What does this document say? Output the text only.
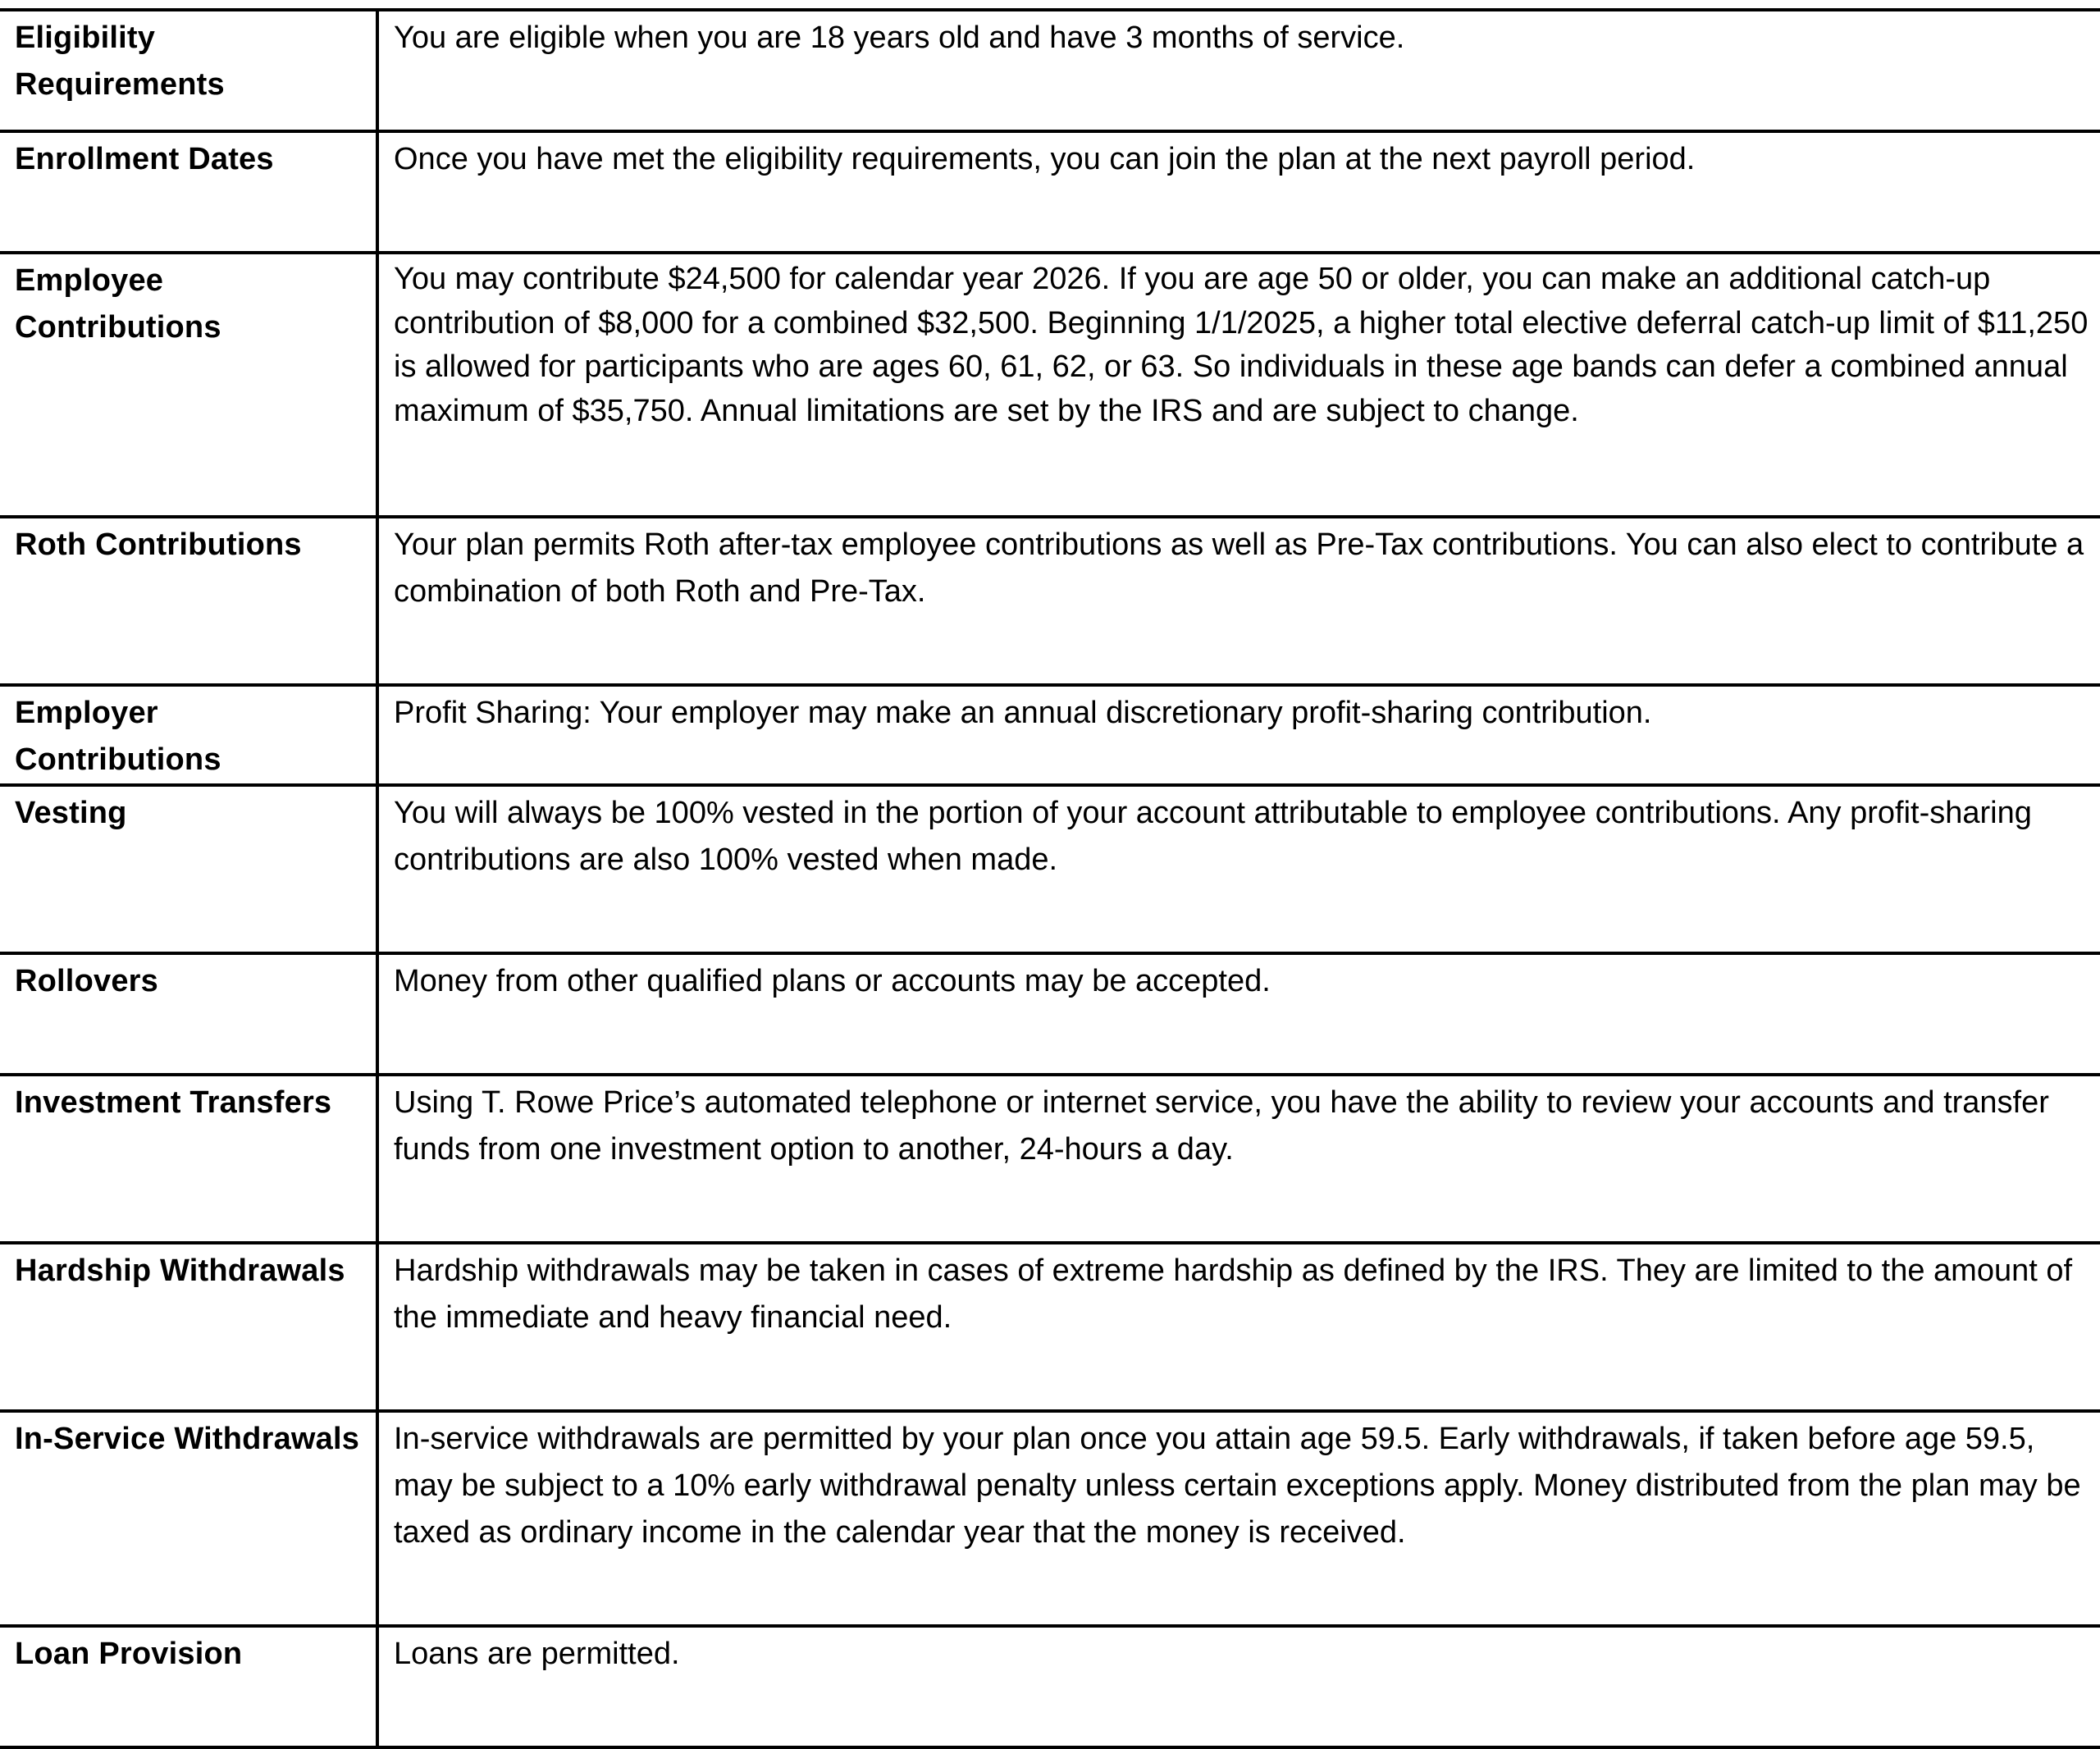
Eligibility Requirements	You are eligible when you are 18 years old and have 3 months of service.
Enrollment Dates	Once you have met the eligibility requirements, you can join the plan at the next payroll period.
Employee Contributions	You may contribute $24,500 for calendar year 2026. If you are age 50 or older, you can make an additional catch-up contribution of $8,000 for a combined $32,500. Beginning 1/1/2025, a higher total elective deferral catch-up limit of $11,250 is allowed for participants who are ages 60, 61, 62, or 63. So individuals in these age bands can defer a combined annual maximum of $35,750. Annual limitations are set by the IRS and are subject to change.
Roth Contributions	Your plan permits Roth after-tax employee contributions as well as Pre-Tax contributions. You can also elect to contribute a combination of both Roth and Pre-Tax.
Employer Contributions	Profit Sharing: Your employer may make an annual discretionary profit-sharing contribution.
Vesting	You will always be 100% vested in the portion of your account attributable to employee contributions. Any profit-sharing contributions are also 100% vested when made.
Rollovers	Money from other qualified plans or accounts may be accepted.
Investment Transfers	Using T. Rowe Price’s automated telephone or internet service, you have the ability to review your accounts and transfer funds from one investment option to another, 24-hours a day.
Hardship Withdrawals	Hardship withdrawals may be taken in cases of extreme hardship as defined by the IRS. They are limited to the amount of the immediate and heavy financial need.
In-Service Withdrawals	In-service withdrawals are permitted by your plan once you attain age 59.5. Early withdrawals, if taken before age 59.5, may be subject to a 10% early withdrawal penalty unless certain exceptions apply. Money distributed from the plan may be taxed as ordinary income in the calendar year that the money is received.
Loan Provision	Loans are permitted.
